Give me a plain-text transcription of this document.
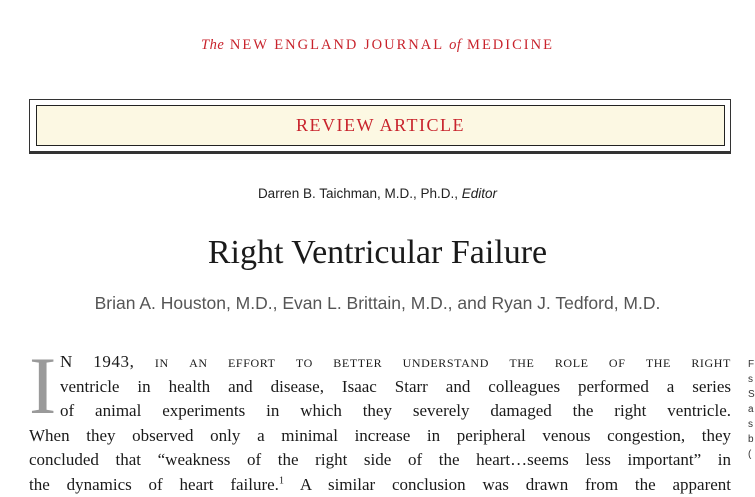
The NEW ENGLAND JOURNAL of MEDICINE
REVIEW ARTICLE
Darren B. Taichman, M.D., Ph.D., Editor
Right Ventricular Failure
Brian A. Houston, M.D., Evan L. Brittain, M.D., and Ryan J. Tedford, M.D.
I N 1943, in an effort to better understand the role of the right
ventricle in health and disease, Isaac Starr and colleagues performed a series
of animal experiments in which they severely damaged the right ventricle.
When they observed only a minimal increase in peripheral venous congestion, they
concluded that “weakness of the right side of the heart…seems less important” in
the dynamics of heart failure.$^1$ A similar conclusion was drawn from the apparent
F
s
S
a
s
b
(
